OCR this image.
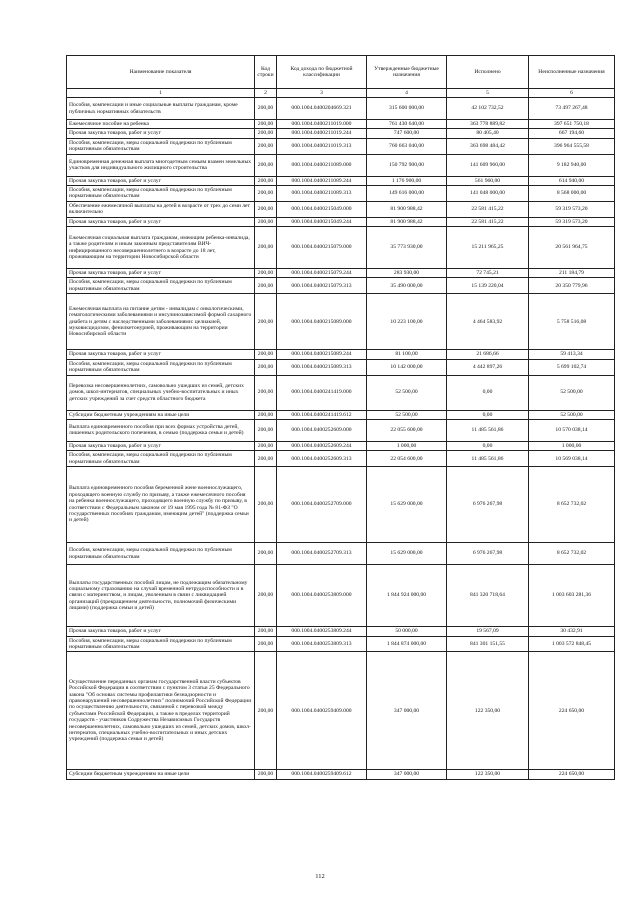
Наименование показателя	Код строки	Код дохода по бюджетной классификации	Утвержденные бюджетные назначения	Исполнено	Неисполненные назначения
1	2	3	4	5	6
Пособия, компенсации и иные социальные выплаты гражданам, кроме публичных нормативных обязательств	200,00	000.1004.0400204669.321	315 600 000,00	42 102 732,52	73 497 267,48
Ежемесячное пособие на ребенка	200,00	000.1004.0400211019.000	761 430 640,00	363 778 889,82	397 651 750,18
Прочая закупка товаров, работ и услуг	200,00	000.1004.0400211019.244	747 600,00	80 405,40	667 194,60
Пособия, компенсации, меры социальной поддержки по публичным нормативным обязательствам	200,00	000.1004.0400211019.313	760 663 040,00	363 698 484,42	396 964 555,58
Единовременная денежная выплата многодетным семьям взамен земельных участков для индивидуального жилищного строительства	200,00	000.1004.0400211089.000	150 792 900,00	141 609 960,00	9 182 940,00
Прочая закупка товаров, работ и услуг	200,00	000.1004.0400211089.244	1 176 900,00	561 960,00	614 940,00
Пособия, компенсации, меры социальной поддержки по публичным нормативным обязательствам	200,00	000.1004.0400211089.313	149 616 000,00	141 048 000,00	8 568 000,00
Обеспечение ежемесячной выплаты на детей в возрасте от трех до семи лет включительно	200,00	000.1004.0400215049.000	81 900 988,42	22 581 415,22	59 319 573,20
Прочая закупка товаров, работ и услуг	200,00	000.1004.0400215049.244	81 900 988,42	22 581 415,22	59 319 573,20
Ежемесячная социальная выплата гражданам, имеющим ребенка-инвалида, а также родителям и иным законным представителям ВИЧ-инфицированного несовершеннолетнего в возрасте до 18 лет, проживающим на территории Новосибирской области	200,00	000.1004.0400215079.000	35 773 930,00	15 211 965,25	20 561 964,75
Прочая закупка товаров, работ и услуг	200,00	000.1004.0400215079.244	283 930,00	72 745,21	211 184,79
Пособия, компенсации, меры социальной поддержки по публичным нормативным обязательствам	200,00	000.1004.0400215079.313	35 490 000,00	15 139 220,04	20 350 779,96
Ежемесячная выплата на питание детям - инвалидам с онкологическими, гематологическими заболеваниями и инсулинозависимой формой сахарного диабета и детям с наследственными заболеваниями: целиакией, муковисцидозом, фенилкетонурией, проживающим на территории Новосибирской области	200,00	000.1004.0400215089.000	10 223 100,00	4 464 583,92	5 758 516,08
Прочая закупка товаров, работ и услуг	200,00	000.1004.0400215089.244	81 100,00	21 686,66	59 413,34
Пособия, компенсации, меры социальной поддержки по публичным нормативным обязательствам	200,00	000.1004.0400215089.313	10 142 000,00	4 442 897,26	5 699 102,74
Перевозка несовершеннолетних, самовольно ушедших из семей, детских домов, школ-интернатов, специальных учебно-воспитательных и иных детских учреждений за счет средств областного бюджета	200,00	000.1004.0400241419.000	52 500,00	0,00	52 500,00
Субсидии бюджетным учреждениям на иные цели	200,00	000.1004.0400241419.612	52 500,00	0,00	52 500,00
Выплата единовременного пособия при всех формах устройства детей, лишенных родительского попечения, в семью (поддержка семьи и детей)	200,00	000.1004.0400252609.000	22 055 600,00	11 485 561,86	10 570 038,14
Прочая закупка товаров, работ и услуг	200,00	000.1004.0400252609.244	1 000,00	0,00	1 000,00
Пособия, компенсации, меры социальной поддержки по публичным нормативным обязательствам	200,00	000.1004.0400252609.313	22 054 600,00	11 485 561,86	10 569 038,14
Выплата единовременного пособия беременной жене военнослужащего, проходящего военную службу по призыву, а также ежемесячного пособия на ребенка военнослужащего, проходящего военную службу по призыву, в соответствии с Федеральным законом от 19 мая 1995 года № 81-ФЗ "О государственных пособиях гражданам, имеющим детей" (поддержка семьи и детей)	200,00	000.1004.0400252709.000	15 629 000,00	6 976 267,98	8 652 732,02
Пособия, компенсации, меры социальной поддержки по публичным нормативным обязательствам	200,00	000.1004.0400252709.313	15 629 000,00	6 976 267,98	8 652 732,02
Выплаты государственных пособий лицам, не подлежащим обязательному социальному страхованию на случай временной нетрудоспособности и в связи с материнством, и лицам, уволенным в связи с ликвидацией организаций (прекращением деятельности, полномочий физическими лицами) (поддержка семьи и детей)	200,00	000.1004.0400253809.000	1 844 924 000,00	841 320 718,64	1 003 603 281,36
Прочая закупка товаров, работ и услуг	200,00	000.1004.0400253809.244	50 000,00	19 567,09	30 432,91
Пособия, компенсации, меры социальной поддержки по публичным нормативным обязательствам	200,00	000.1004.0400253809.313	1 844 874 000,00	841 301 151,55	1 003 572 848,45
Осуществление переданных органам государственной власти субъектов Российской Федерации в соответствии с пунктом 3 статьи 25 Федерального закона "Об основах системы профилактики безнадзорности и правонарушений несовершеннолетних" полномочий Российской Федерации по осуществлению деятельности, связанной с перевозкой между субъектами Российской Федерации, а также в пределах территорий государств - участников Содружества Независимых Государств несовершеннолетних, самовольно ушедших из семей, детских домов, школ-интернатов, специальных учебно-воспитательных и иных детских учреждений (поддержка семьи и детей)	200,00	000.1004.0400259409.000	347 000,00	122 350,00	224 650,00
Субсидии бюджетным учреждениям на иные цели	200,00	000.1004.0400259409.612	347 000,00	122 350,00	224 650,00
112
